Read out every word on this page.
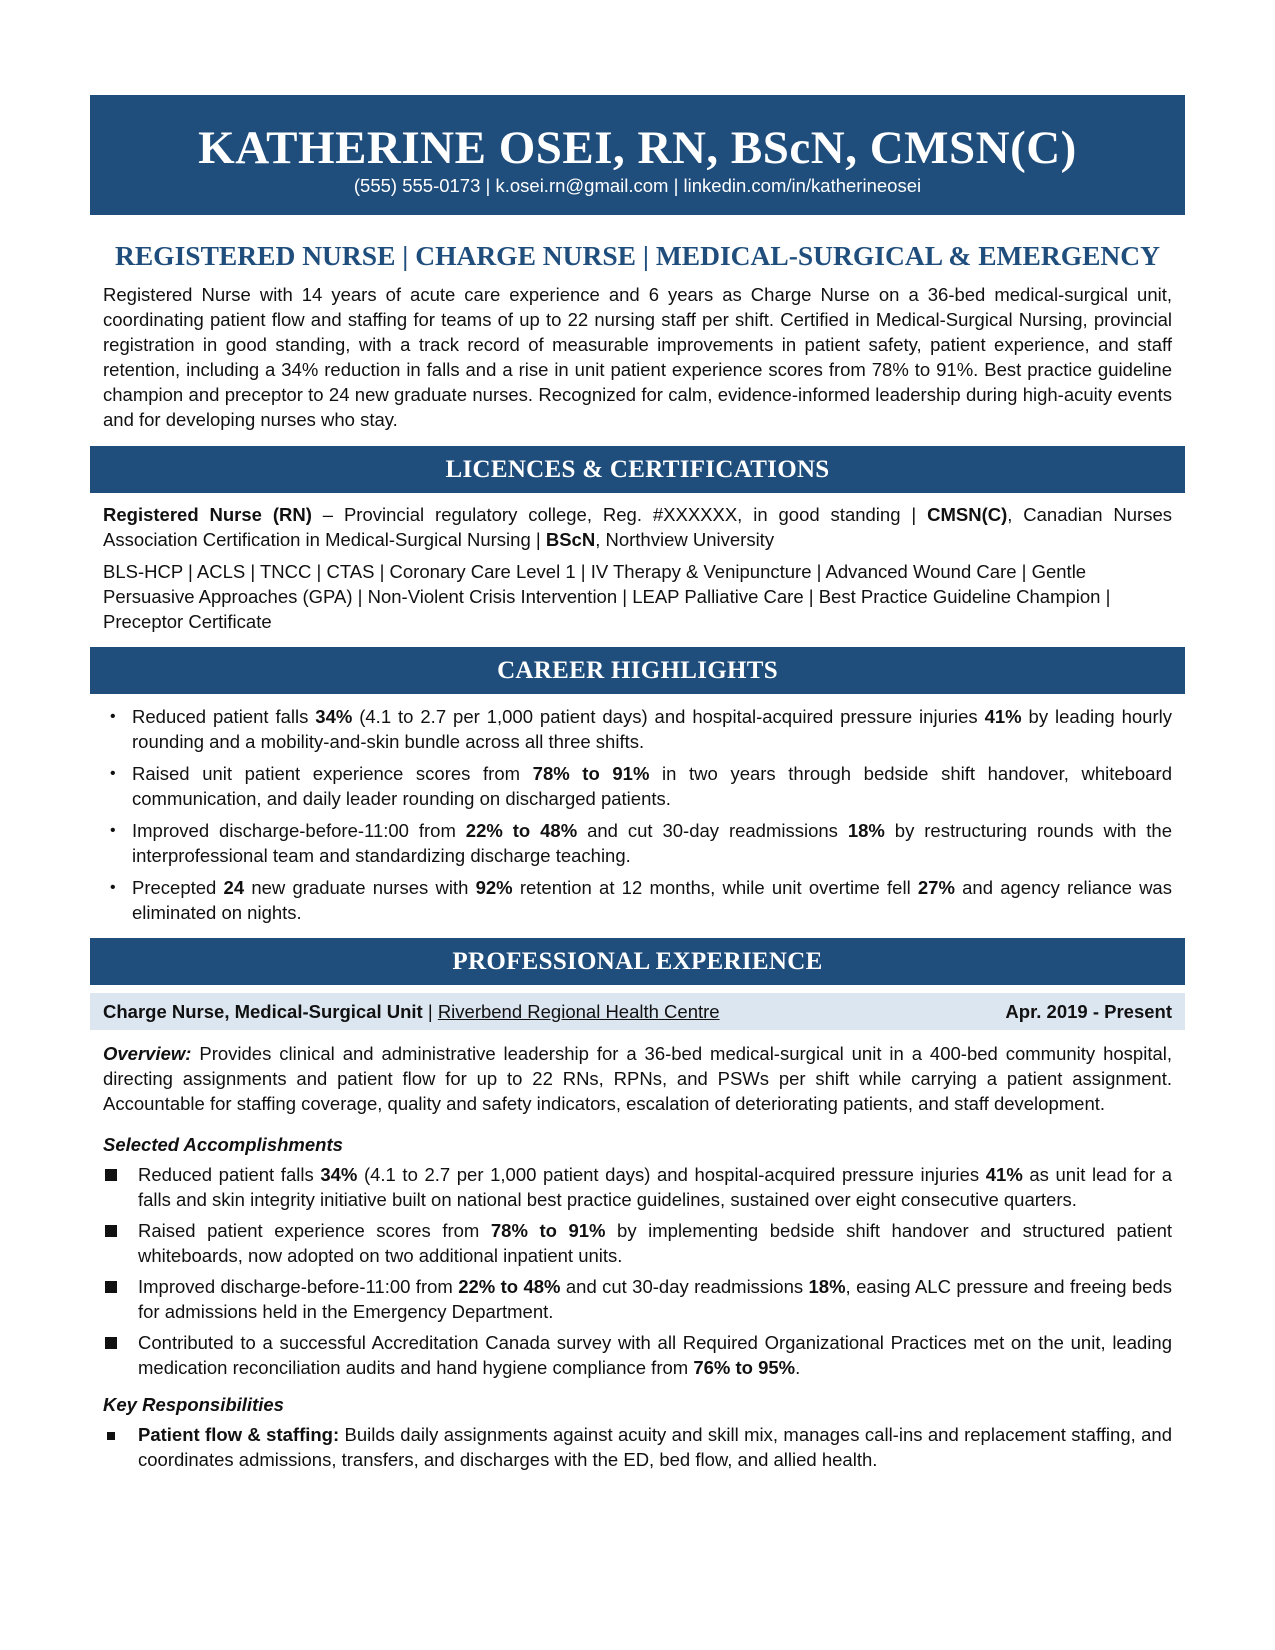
KATHERINE OSEI, RN, BScN, CMSN(C)
(555) 555-0173 | k.osei.rn@gmail.com | linkedin.com/in/katherineosei
REGISTERED NURSE | CHARGE NURSE | MEDICAL-SURGICAL & EMERGENCY
Registered Nurse with 14 years of acute care experience and 6 years as Charge Nurse on a 36-bed medical-surgical unit, coordinating patient flow and staffing for teams of up to 22 nursing staff per shift. Certified in Medical-Surgical Nursing, provincial registration in good standing, with a track record of measurable improvements in patient safety, patient experience, and staff retention, including a 34% reduction in falls and a rise in unit patient experience scores from 78% to 91%. Best practice guideline champion and preceptor to 24 new graduate nurses. Recognized for calm, evidence-informed leadership during high-acuity events and for developing nurses who stay.
LICENCES & CERTIFICATIONS

Registered Nurse (RN) – Provincial regulatory college, Reg. #XXXXXX, in good standing | CMSN(C), Canadian Nurses Association Certification in Medical-Surgical Nursing | BScN, Northview University

BLS-HCP | ACLS | TNCC | CTAS | Coronary Care Level 1 | IV Therapy & Venipuncture | Advanced Wound Care | Gentle Persuasive Approaches (GPA) | Non-Violent Crisis Intervention | LEAP Palliative Care | Best Practice Guideline Champion | Preceptor Certificate

CAREER HIGHLIGHTS
• Reduced patient falls 34% (4.1 to 2.7 per 1,000 patient days) and hospital-acquired pressure injuries 41% by leading hourly rounding and a mobility-and-skin bundle across all three shifts.
• Raised unit patient experience scores from 78% to 91% in two years through bedside shift handover, whiteboard communication, and daily leader rounding on discharged patients.
• Improved discharge-before-11:00 from 22% to 48% and cut 30-day readmissions 18% by restructuring rounds with the interprofessional team and standardizing discharge teaching.
• Precepted 24 new graduate nurses with 92% retention at 12 months, while unit overtime fell 27% and agency reliance was eliminated on nights.
PROFESSIONAL EXPERIENCE
Charge Nurse, Medical-Surgical Unit | Riverbend Regional Health Centre	Apr. 2019 - Present
Overview: Provides clinical and administrative leadership for a 36-bed medical-surgical unit in a 400-bed community hospital, directing assignments and patient flow for up to 22 RNs, RPNs, and PSWs per shift while carrying a patient assignment. Accountable for staffing coverage, quality and safety indicators, escalation of deteriorating patients, and staff development.
Selected Accomplishments
Reduced patient falls 34% (4.1 to 2.7 per 1,000 patient days) and hospital-acquired pressure injuries 41% as unit lead for a falls and skin integrity initiative built on national best practice guidelines, sustained over eight consecutive quarters.
Raised patient experience scores from 78% to 91% by implementing bedside shift handover and structured patient whiteboards, now adopted on two additional inpatient units.
Improved discharge-before-11:00 from 22% to 48% and cut 30-day readmissions 18%, easing ALC pressure and freeing beds for admissions held in the Emergency Department.
Contributed to a successful Accreditation Canada survey with all Required Organizational Practices met on the unit, leading medication reconciliation audits and hand hygiene compliance from 76% to 95%.
Key Responsibilities
Patient flow & staffing: Builds daily assignments against acuity and skill mix, manages call-ins and replacement staffing, and coordinates admissions, transfers, and discharges with the ED, bed flow, and allied health.
